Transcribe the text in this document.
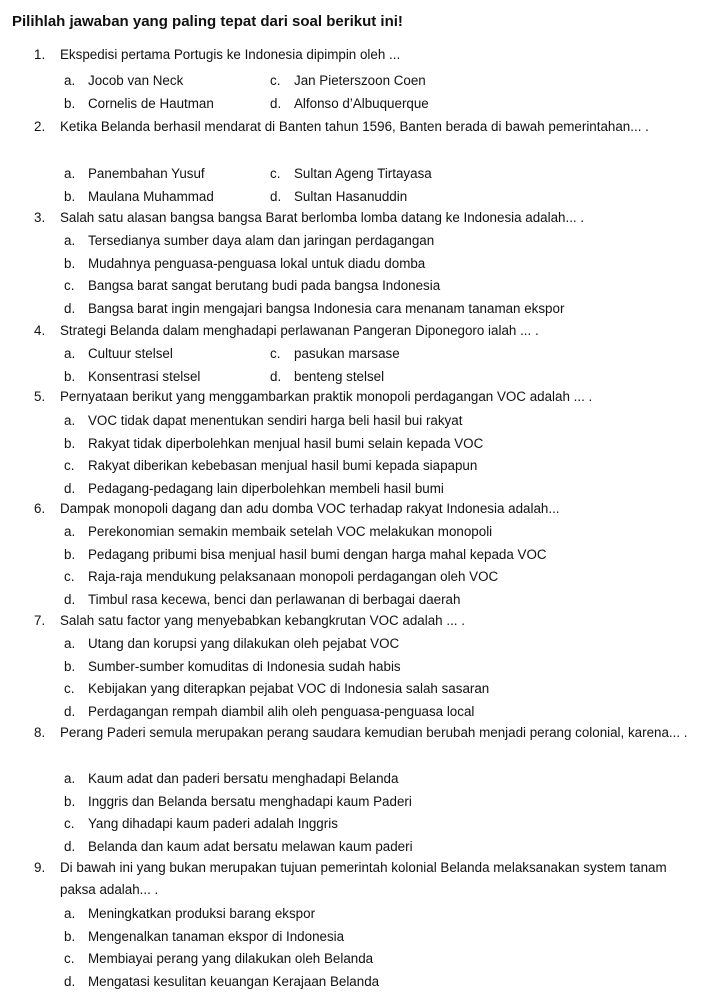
Pilihlah jawaban yang paling tepat dari soal berikut ini!
1. Ekspedisi pertama Portugis ke Indonesia dipimpin oleh ...
a. Jocob van Neck
b. Cornelis de Hautman
c. Jan Pieterszoon Coen
d. Alfonso d’Albuquerque
2. Ketika Belanda berhasil mendarat di Banten tahun 1596, Banten berada di bawah pemerintahan... .
a. Panembahan Yusuf
b. Maulana Muhammad
c. Sultan Ageng Tirtayasa
d. Sultan Hasanuddin
3. Salah satu alasan bangsa bangsa Barat berlomba lomba datang ke Indonesia adalah... .
a. Tersedianya sumber daya alam dan jaringan perdagangan
b. Mudahnya penguasa-penguasa lokal untuk diadu domba
c. Bangsa barat sangat berutang budi pada bangsa Indonesia
d. Bangsa barat ingin mengajari bangsa Indonesia cara menanam tanaman ekspor
4. Strategi Belanda dalam menghadapi perlawanan Pangeran Diponegoro ialah ... .
a. Cultuur stelsel
b. Konsentrasi stelsel
c. pasukan marsase
d. benteng stelsel
5. Pernyataan berikut yang menggambarkan praktik monopoli perdagangan VOC adalah ... .
a. VOC tidak dapat menentukan sendiri harga beli hasil bui rakyat
b. Rakyat tidak diperbolehkan menjual hasil bumi selain kepada VOC
c. Rakyat diberikan kebebasan menjual hasil bumi kepada siapapun
d. Pedagang-pedagang lain diperbolehkan membeli hasil bumi
6. Dampak monopoli dagang dan adu domba VOC terhadap rakyat Indonesia adalah...
a. Perekonomian semakin membaik setelah VOC melakukan monopoli
b. Pedagang pribumi bisa menjual hasil bumi dengan harga mahal kepada VOC
c. Raja-raja mendukung pelaksanaan monopoli perdagangan oleh VOC
d. Timbul rasa kecewa, benci dan perlawanan di berbagai daerah
7. Salah satu factor yang menyebabkan kebangkrutan VOC adalah ... .
a. Utang dan korupsi yang dilakukan oleh pejabat VOC
b. Sumber-sumber komuditas di Indonesia sudah habis
c. Kebijakan yang diterapkan pejabat VOC di Indonesia salah sasaran
d. Perdagangan rempah diambil alih oleh penguasa-penguasa local
8. Perang Paderi semula merupakan perang saudara kemudian berubah menjadi perang colonial, karena... .
a. Kaum adat dan paderi bersatu menghadapi Belanda
b. Inggris dan Belanda bersatu menghadapi kaum Paderi
c. Yang dihadapi kaum paderi adalah Inggris
d. Belanda dan kaum adat bersatu melawan kaum paderi
9. Di bawah ini yang bukan merupakan tujuan pemerintah kolonial Belanda melaksanakan system tanam paksa adalah... .
a. Meningkatkan produksi barang ekspor
b. Mengenalkan tanaman ekspor di Indonesia
c. Membiayai perang yang dilakukan oleh Belanda
d. Mengatasi kesulitan keuangan Kerajaan Belanda
